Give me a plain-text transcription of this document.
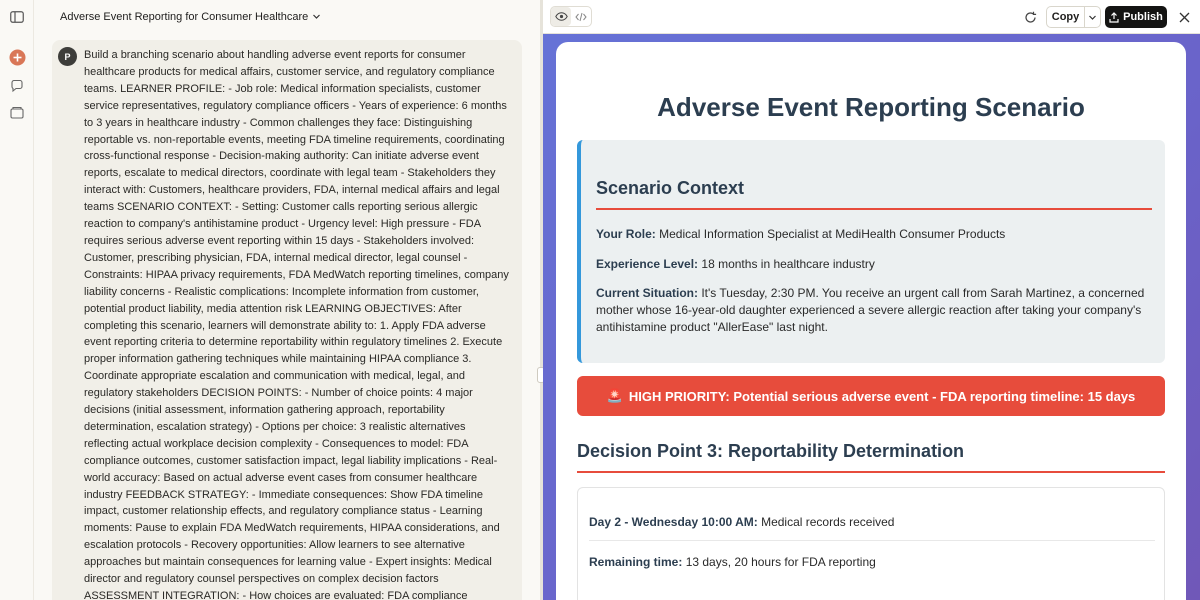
Adverse Event Reporting for Consumer Healthcare
P	Build a branching scenario about handling adverse event reports for consumer healthcare products for medical affairs, customer service, and regulatory compliance teams. LEARNER PROFILE: - Job role: Medical information specialists, customer service representatives, regulatory compliance officers - Years of experience: 6 months to 3 years in healthcare industry - Common challenges they face: Distinguishing reportable vs. non-reportable events, meeting FDA timeline requirements, coordinating cross-functional response - Decision-making authority: Can initiate adverse event reports, escalate to medical directors, coordinate with legal team - Stakeholders they interact with: Customers, healthcare providers, FDA, internal medical affairs and legal teams SCENARIO CONTEXT: - Setting: Customer calls reporting serious allergic reaction to company's antihistamine product - Urgency level: High pressure - FDA requires serious adverse event reporting within 15 days - Stakeholders involved: Customer, prescribing physician, FDA, internal medical director, legal counsel - Constraints: HIPAA privacy requirements, FDA MedWatch reporting timelines, company liability concerns - Realistic complications: Incomplete information from customer, potential product liability, media attention risk LEARNING OBJECTIVES: After completing this scenario, learners will demonstrate ability to: 1. Apply FDA adverse event reporting criteria to determine reportability within regulatory timelines 2. Execute proper information gathering techniques while maintaining HIPAA compliance 3. Coordinate appropriate escalation and communication with medical, legal, and regulatory stakeholders DECISION POINTS: - Number of choice points: 4 major decisions (initial assessment, information gathering approach, reportability determination, escalation strategy) - Options per choice: 3 realistic alternatives reflecting actual workplace decision complexity - Consequences to model: FDA compliance outcomes, customer satisfaction impact, legal liability implications - Real-world accuracy: Based on actual adverse event cases from consumer healthcare industry FEEDBACK STRATEGY: - Immediate consequences: Show FDA timeline impact, customer relationship effects, and regulatory compliance status - Learning moments: Pause to explain FDA MedWatch requirements, HIPAA considerations, and escalation protocols - Recovery opportunities: Allow learners to see alternative approaches but maintain consequences for learning value - Expert insights: Medical director and regulatory counsel perspectives on complex decision factors ASSESSMENT INTEGRATION: - How choices are evaluated: FDA compliance
Copy	Publish
Adverse Event Reporting Scenario
Scenario Context
Your Role: Medical Information Specialist at MediHealth Consumer Products
Experience Level: 18 months in healthcare industry
Current Situation: It's Tuesday, 2:30 PM. You receive an urgent call from Sarah Martinez, a concerned mother whose 16-year-old daughter experienced a severe allergic reaction after taking your company's antihistamine product "AllerEase" last night.
🚨 HIGH PRIORITY: Potential serious adverse event - FDA reporting timeline: 15 days
Decision Point 3: Reportability Determination
Day 2 - Wednesday 10:00 AM: Medical records received
Remaining time: 13 days, 20 hours for FDA reporting
